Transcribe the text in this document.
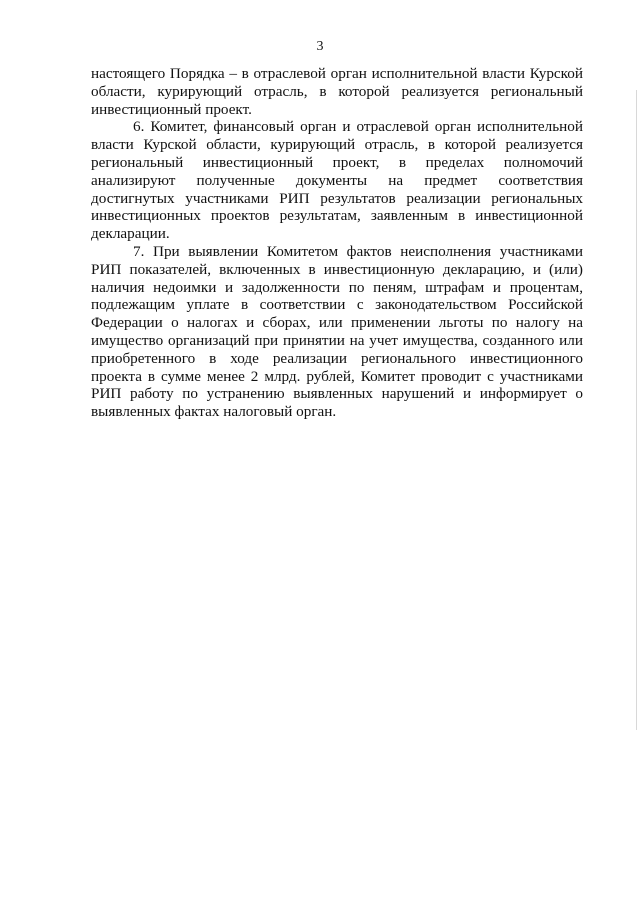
3

настоящего Порядка – в отраслевой орган исполнительной власти Курской области, курирующий отрасль, в которой реализуется региональный инвестиционный проект.

6. Комитет, финансовый орган и отраслевой орган исполнительной власти Курской области, курирующий отрасль, в которой реализуется региональный инвестиционный проект, в пределах полномочий анализируют полученные документы на предмет соответствия достигнутых участниками РИП результатов реализации региональных инвестиционных проектов результатам, заявленным в инвестиционной декларации.

7. При выявлении Комитетом фактов неисполнения участниками РИП показателей, включенных в инвестиционную декларацию, и (или) наличия недоимки и задолженности по пеням, штрафам и процентам, подлежащим уплате в соответствии с законодательством Российской Федерации о налогах и сборах, или применении льготы по налогу на имущество организаций при принятии на учет имущества, созданного или приобретенного в ходе реализации регионального инвестиционного проекта в сумме менее 2 млрд. рублей, Комитет проводит с участниками РИП работу по устранению выявленных нарушений и информирует о выявленных фактах налоговый орган.
